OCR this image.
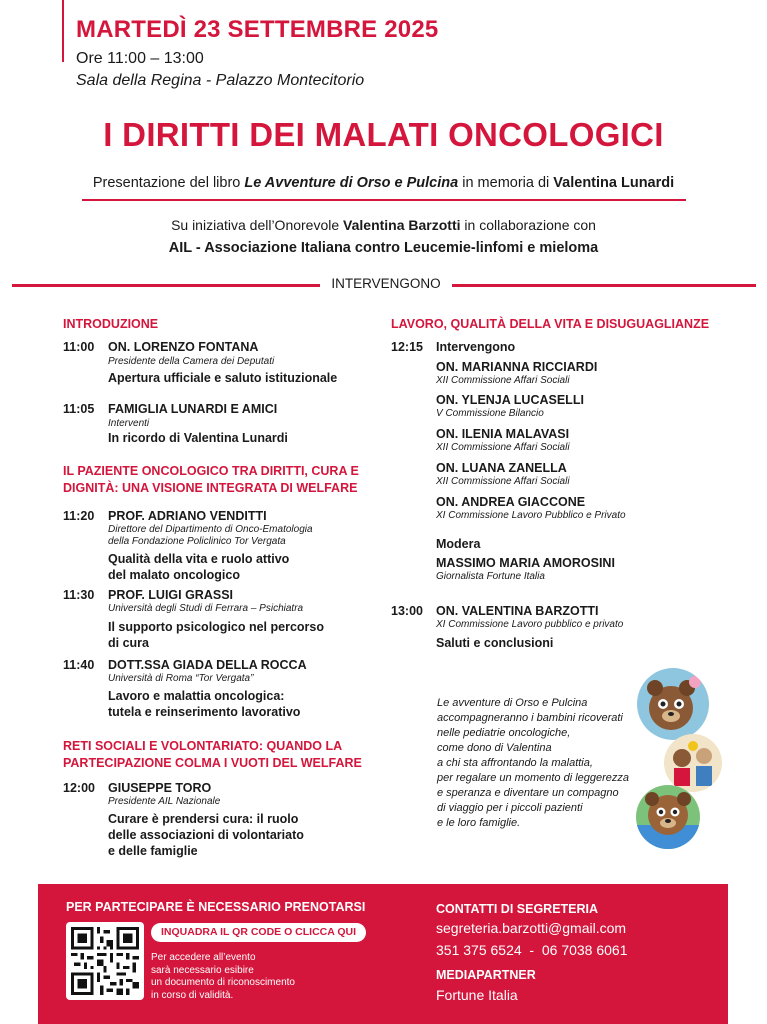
MARTEDÌ 23 SETTEMBRE 2025
Ore 11:00 – 13:00
Sala della Regina - Palazzo Montecitorio
I DIRITTI DEI MALATI ONCOLOGICI
Presentazione del libro Le Avventure di Orso e Pulcina in memoria di Valentina Lunardi
Su iniziativa dell’Onorevole Valentina Barzotti in collaborazione con
AIL - Associazione Italiana contro Leucemie-linfomi e mieloma
INTERVENGONO
INTRODUZIONE
11:00 ON. LORENZO FONTANA
Presidente della Camera dei Deputati
Apertura ufficiale e saluto istituzionale
11:05 FAMIGLIA LUNARDI E AMICI
Interventi
In ricordo di Valentina Lunardi
IL PAZIENTE ONCOLOGICO TRA DIRITTI, CURA E
DIGNITÀ: UNA VISIONE INTEGRATA DI WELFARE
11:20 PROF. ADRIANO VENDITTI
Direttore del Dipartimento di Onco-Ematologia
della Fondazione Policlinico Tor Vergata
Qualità della vita e ruolo attivo
del malato oncologico
11:30 PROF. LUIGI GRASSI
Università degli Studi di Ferrara – Psichiatra
Il supporto psicologico nel percorso
di cura
11:40 DOTT.SSA GIADA DELLA ROCCA
Università di Roma “Tor Vergata”
Lavoro e malattia oncologica:
tutela e reinserimento lavorativo
RETI SOCIALI E VOLONTARIATO: QUANDO LA
PARTECIPAZIONE COLMA I VUOTI DEL WELFARE
12:00 GIUSEPPE TORO
Presidente AIL Nazionale
Curare è prendersi cura: il ruolo
delle associazioni di volontariato
e delle famiglie
LAVORO, QUALITÀ DELLA VITA E DISUGUAGLIANZE
12:15 Intervengono
ON. MARIANNA RICCIARDI
XII Commissione Affari Sociali
ON. YLENJA LUCASELLI
V Commissione Bilancio
ON. ILENIA MALAVASI
XII Commissione Affari Sociali
ON. LUANA ZANELLA
XII Commissione Affari Sociali
ON. ANDREA GIACCONE
XI Commissione Lavoro Pubblico e Privato
Modera
MASSIMO MARIA AMOROSINI
Giornalista Fortune Italia
13:00 ON. VALENTINA BARZOTTI
XI Commissione Lavoro pubblico e privato
Saluti e conclusioni
Le avventure di Orso e Pulcina
accompagneranno i bambini ricoverati
nelle pediatrie oncologiche,
come dono di Valentina
a chi sta affrontando la malattia,
per regalare un momento di leggerezza
e speranza e diventare un compagno
di viaggio per i piccoli pazienti
e le loro famiglie.
PER PARTECIPARE È NECESSARIO PRENOTARSI
INQUADRA IL QR CODE O CLICCA QUI
Per accedere all’evento
sarà necessario esibire
un documento di riconoscimento
in corso di validità.
CONTATTI DI SEGRETERIA
segreteria.barzotti@gmail.com
351 375 6524  -  06 7038 6061
MEDIAPARTNER
Fortune Italia
